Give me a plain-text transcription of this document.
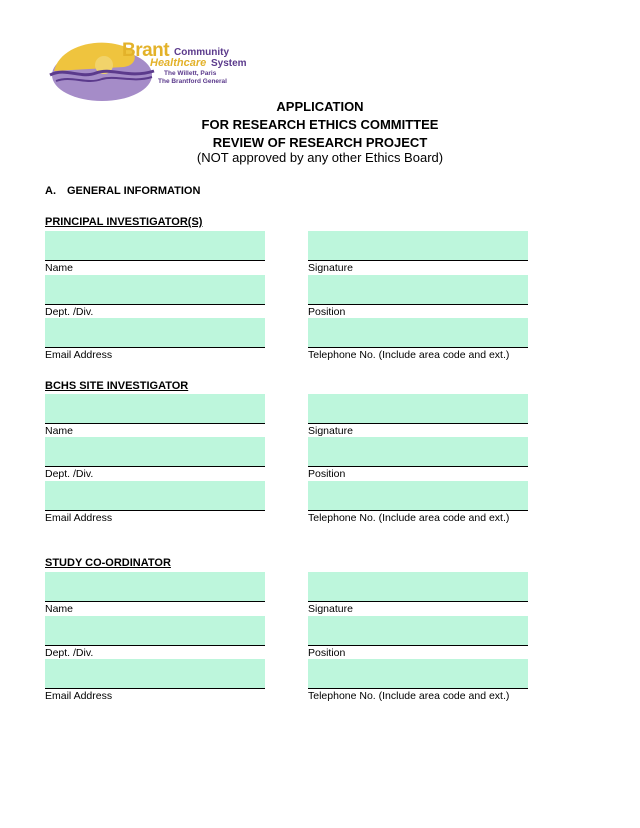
Brant Community
Healthcare System
The Willett, Paris
The Brantford General
APPLICATION
FOR RESEARCH ETHICS COMMITTEE
REVIEW OF RESEARCH PROJECT
(NOT approved by any other Ethics Board)
A. GENERAL INFORMATION
PRINCIPAL INVESTIGATOR(S)
Name	Signature
Dept. /Div.	Position
Email Address	Telephone No. (Include area code and ext.)
BCHS SITE INVESTIGATOR
Name	Signature
Dept. /Div.	Position
Email Address	Telephone No. (Include area code and ext.)
STUDY CO-ORDINATOR
Name	Signature
Dept. /Div.	Position
Email Address	Telephone No. (Include area code and ext.)
